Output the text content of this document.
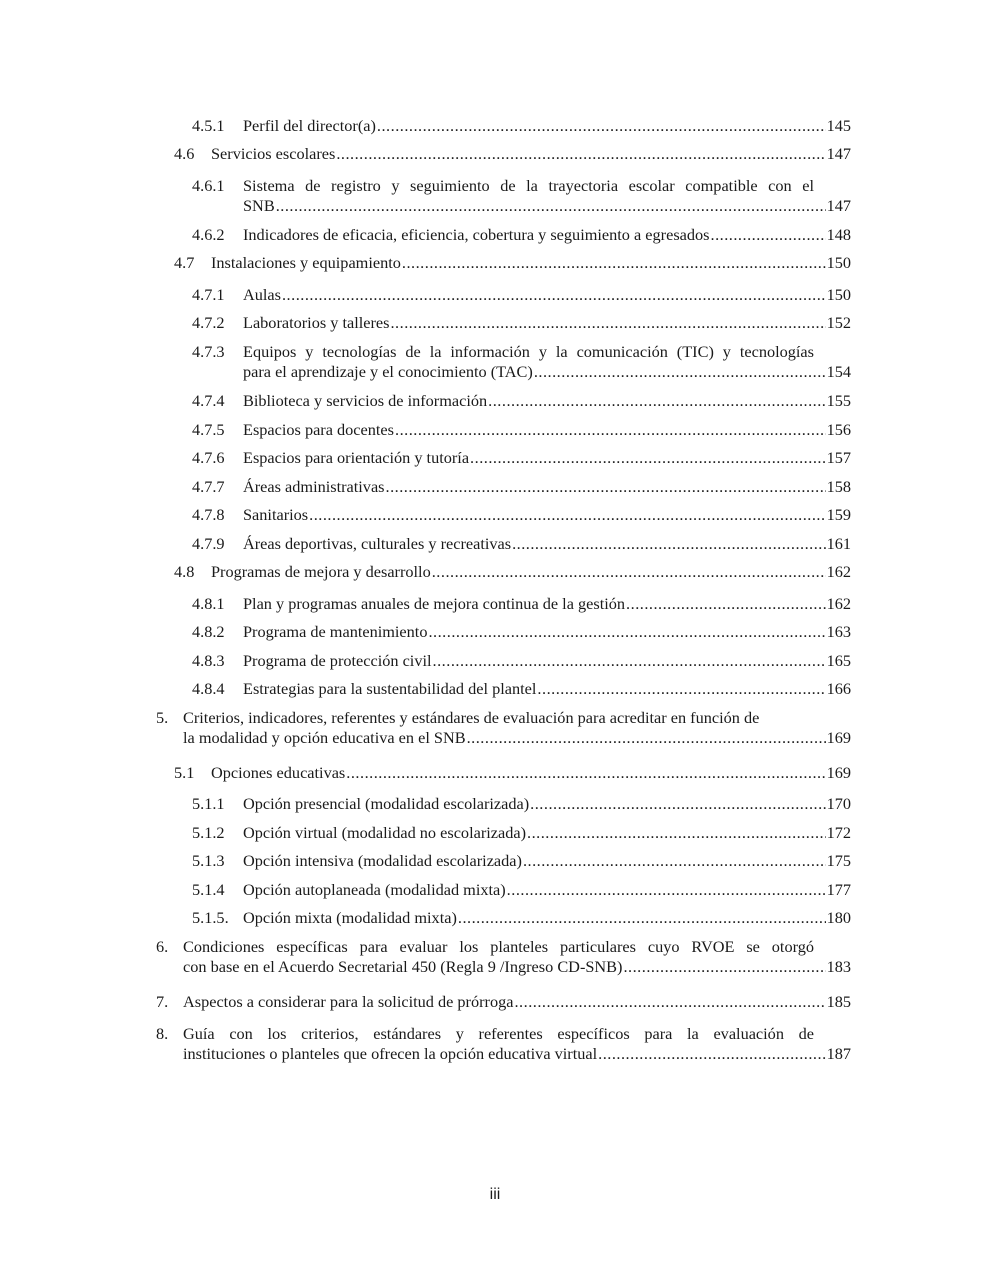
4.5.1 Perfil del director(a) .....	145
4.6 Servicios escolares .....	147
4.6.1 Sistema de registro y seguimiento de la trayectoria escolar compatible con el
SNB .....	147
4.6.2 Indicadores de eficacia, eficiencia, cobertura y seguimiento a egresados .....	148
4.7 Instalaciones y equipamiento .....	150
4.7.1 Aulas .....	150
4.7.2 Laboratorios y talleres .....	152
4.7.3 Equipos y tecnologías de la información y la comunicación (TIC) y tecnologías
para el aprendizaje y el conocimiento (TAC) .....	154
4.7.4 Biblioteca y servicios de información .....	155
4.7.5 Espacios para docentes .....	156
4.7.6 Espacios para orientación y tutoría .....	157
4.7.7 Áreas administrativas .....	158
4.7.8 Sanitarios .....	159
4.7.9 Áreas deportivas, culturales y recreativas .....	161
4.8 Programas de mejora y desarrollo .....	162
4.8.1 Plan y programas anuales de mejora continua de la gestión .....	162
4.8.2 Programa de mantenimiento .....	163
4.8.3 Programa de protección civil .....	165
4.8.4 Estrategias para la sustentabilidad del plantel .....	166
5. Criterios, indicadores, referentes y estándares de evaluación para acreditar en función de
la modalidad y opción educativa en el SNB .....	169
5.1 Opciones educativas .....	169
5.1.1 Opción presencial (modalidad escolarizada) .....	170
5.1.2 Opción virtual (modalidad no escolarizada) .....	172
5.1.3 Opción intensiva (modalidad escolarizada) .....	175
5.1.4 Opción autoplaneada (modalidad mixta) .....	177
5.1.5. Opción mixta (modalidad mixta) .....	180
6. Condiciones específicas para evaluar los planteles particulares cuyo RVOE se otorgó
con base en el Acuerdo Secretarial 450 (Regla 9 /Ingreso CD-SNB) .....	183
7. Aspectos a considerar para la solicitud de prórroga .....	185
8. Guía con los criterios, estándares y referentes específicos para la evaluación de
instituciones o planteles que ofrecen la opción educativa virtual .....	187
iii
